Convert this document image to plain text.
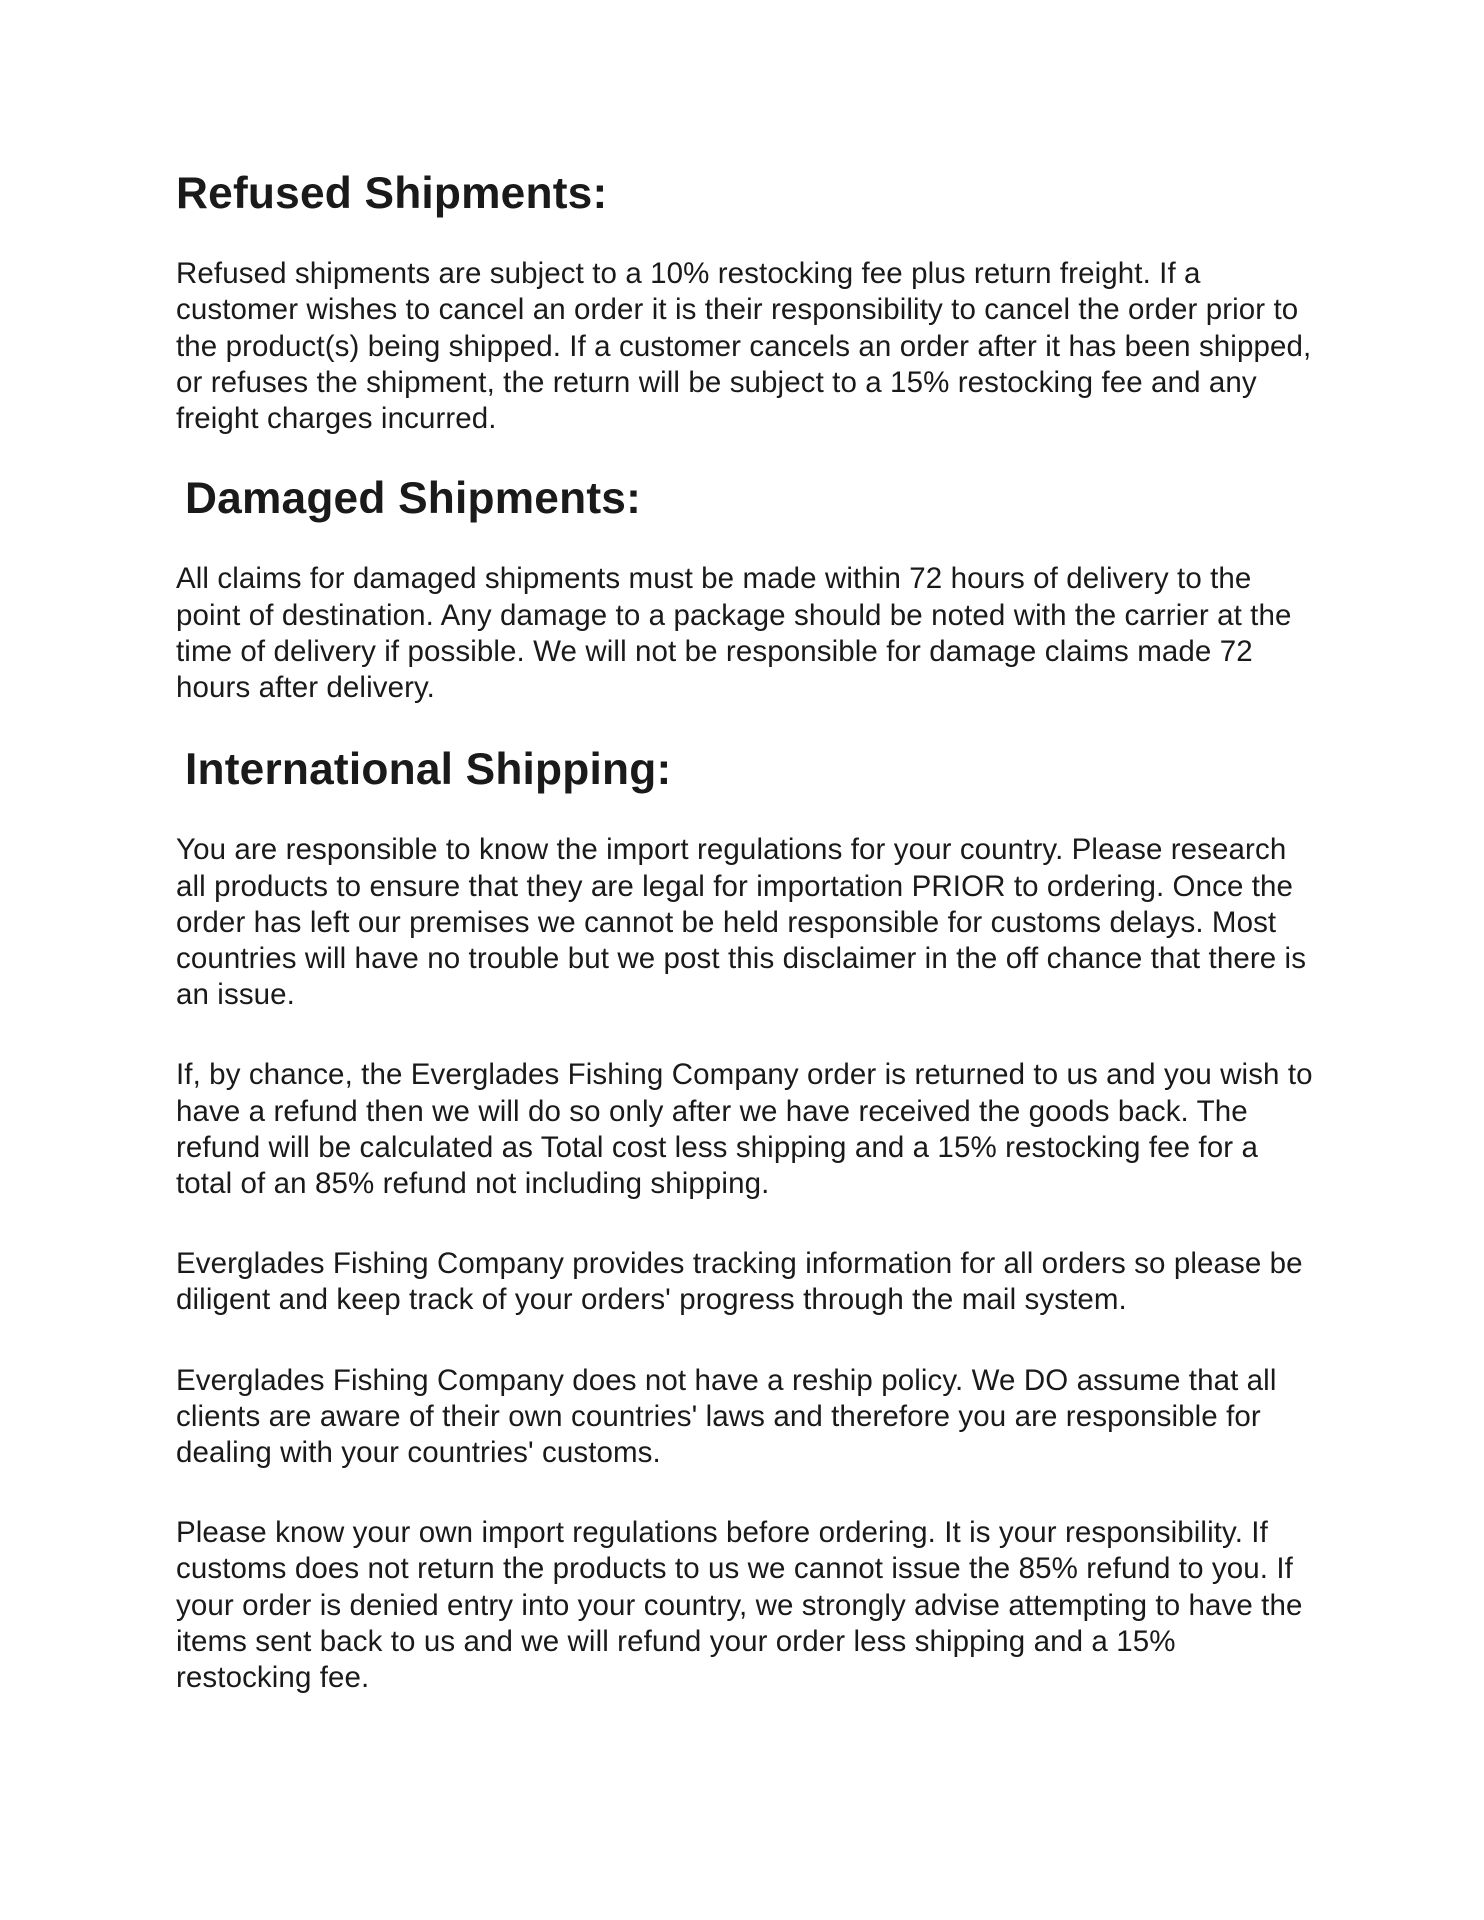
Refused Shipments:

Refused shipments are subject to a 10% restocking fee plus return freight. If a customer wishes to cancel an order it is their responsibility to cancel the order prior to the product(s) being shipped. If a customer cancels an order after it has been shipped, or refuses the shipment, the return will be subject to a 15% restocking fee and any freight charges incurred.

Damaged Shipments:

All claims for damaged shipments must be made within 72 hours of delivery to the point of destination. Any damage to a package should be noted with the carrier at the time of delivery if possible. We will not be responsible for damage claims made 72 hours after delivery.

International Shipping:

You are responsible to know the import regulations for your country. Please research all products to ensure that they are legal for importation PRIOR to ordering. Once the order has left our premises we cannot be held responsible for customs delays. Most countries will have no trouble but we post this disclaimer in the off chance that there is an issue.

If, by chance, the Everglades Fishing Company order is returned to us and you wish to have a refund then we will do so only after we have received the goods back. The refund will be calculated as Total cost less shipping and a 15% restocking fee for a total of an 85% refund not including shipping.

Everglades Fishing Company provides tracking information for all orders so please be diligent and keep track of your orders' progress through the mail system.

Everglades Fishing Company does not have a reship policy. We DO assume that all clients are aware of their own countries' laws and therefore you are responsible for dealing with your countries' customs.

Please know your own import regulations before ordering. It is your responsibility. If customs does not return the products to us we cannot issue the 85% refund to you. If your order is denied entry into your country, we strongly advise attempting to have the items sent back to us and we will refund your order less shipping and a 15% restocking fee.
